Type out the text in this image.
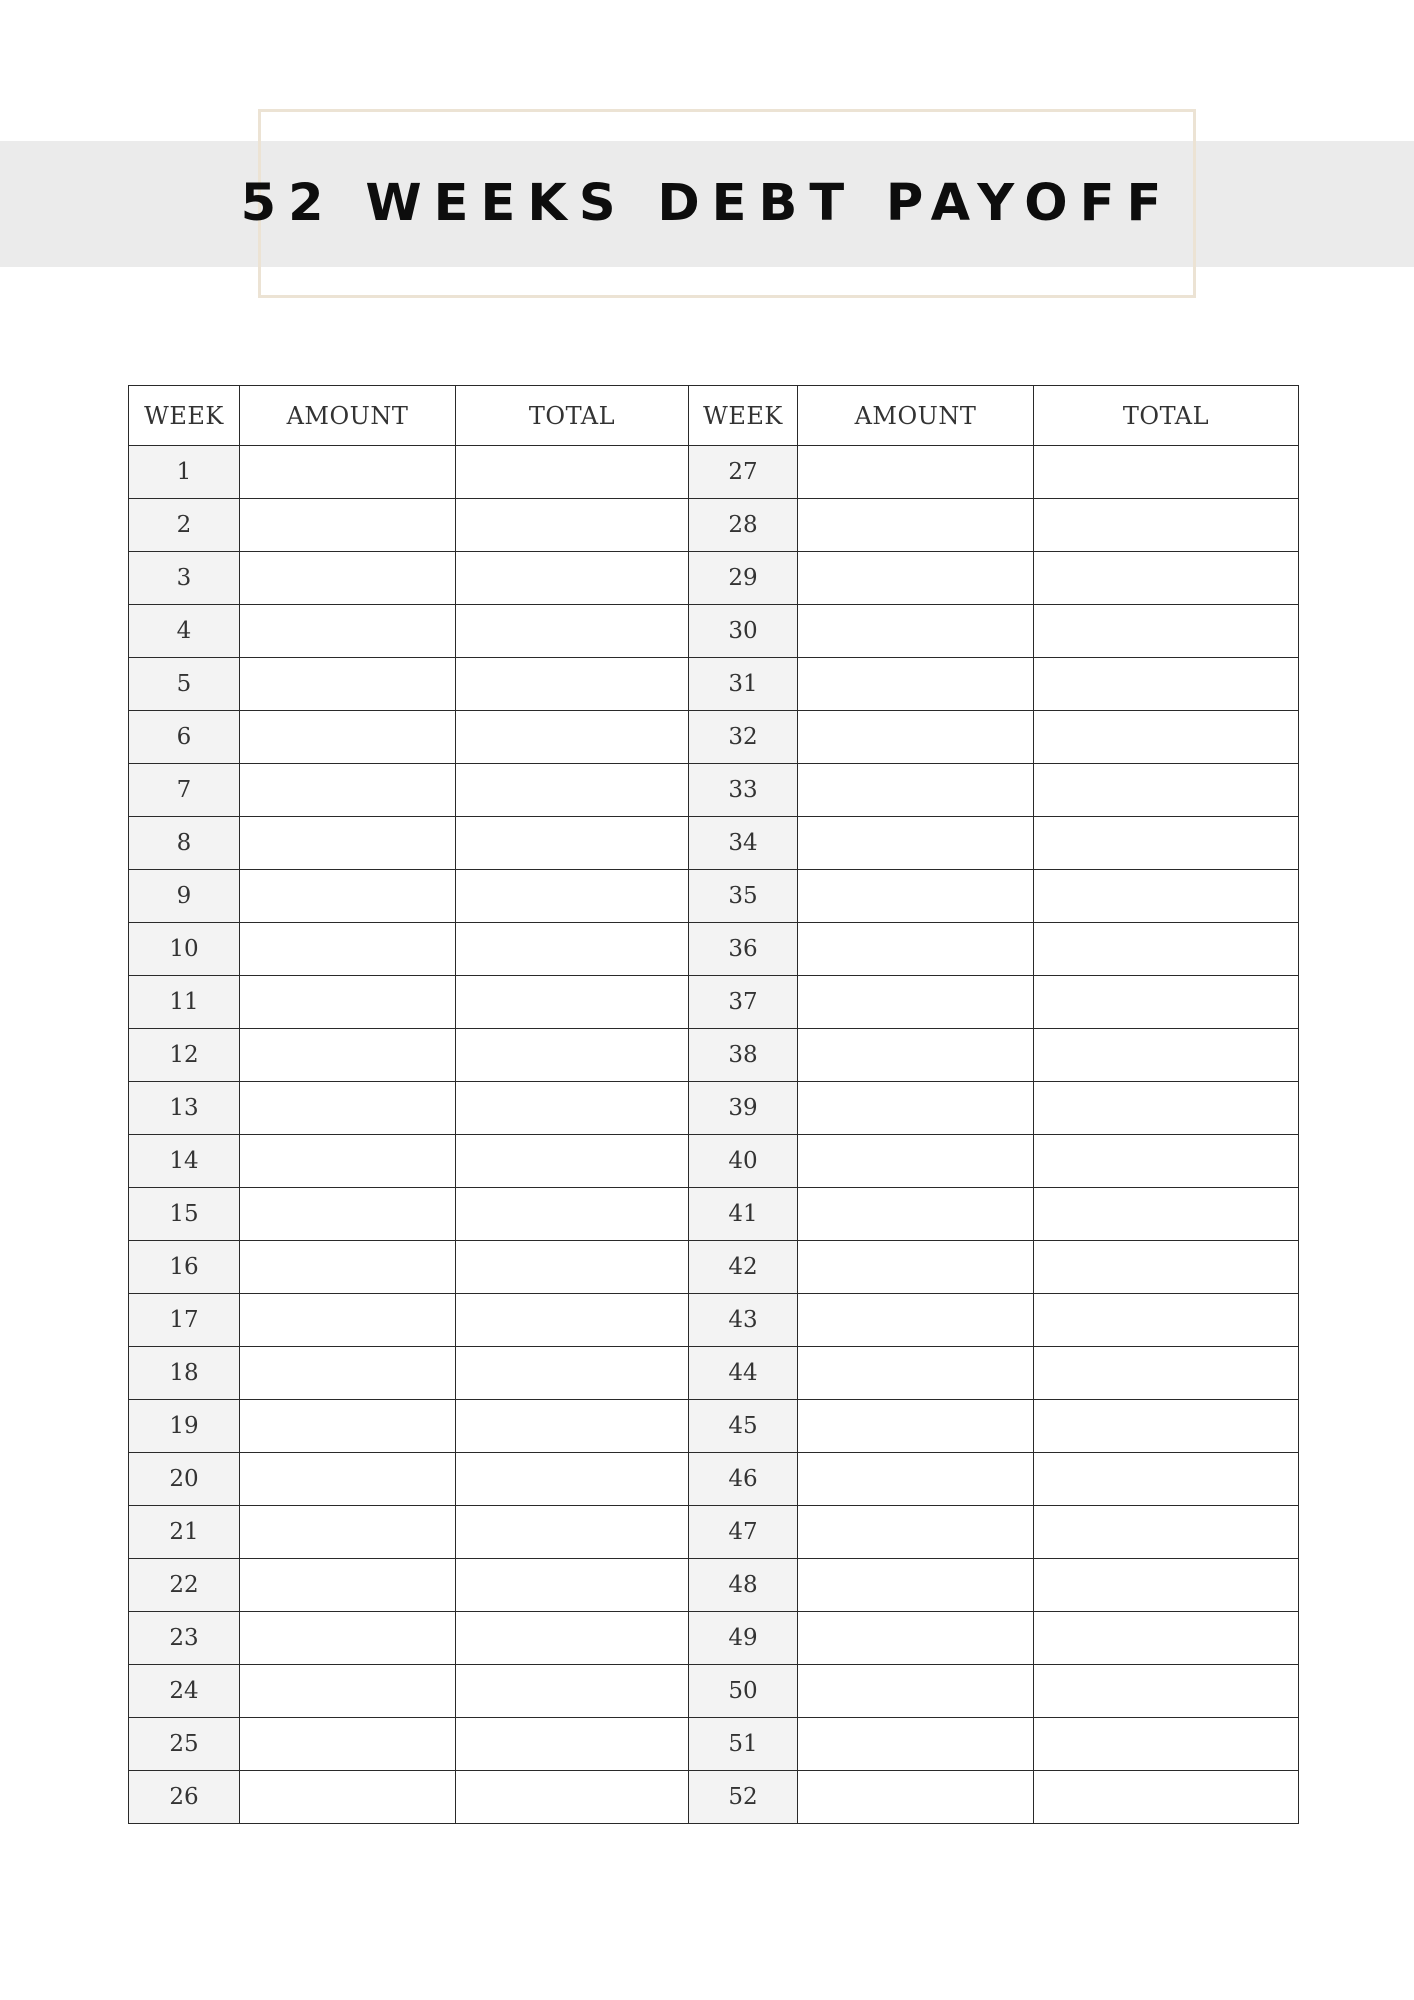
52 WEEKS DEBT PAYOFF
WEEK	AMOUNT	TOTAL	WEEK	AMOUNT	TOTAL
1			27		
2			28		
3			29		
4			30		
5			31		
6			32		
7			33		
8			34		
9			35		
10			36		
11			37		
12			38		
13			39		
14			40		
15			41		
16			42		
17			43		
18			44		
19			45		
20			46		
21			47		
22			48		
23			49		
24			50		
25			51		
26			52		
